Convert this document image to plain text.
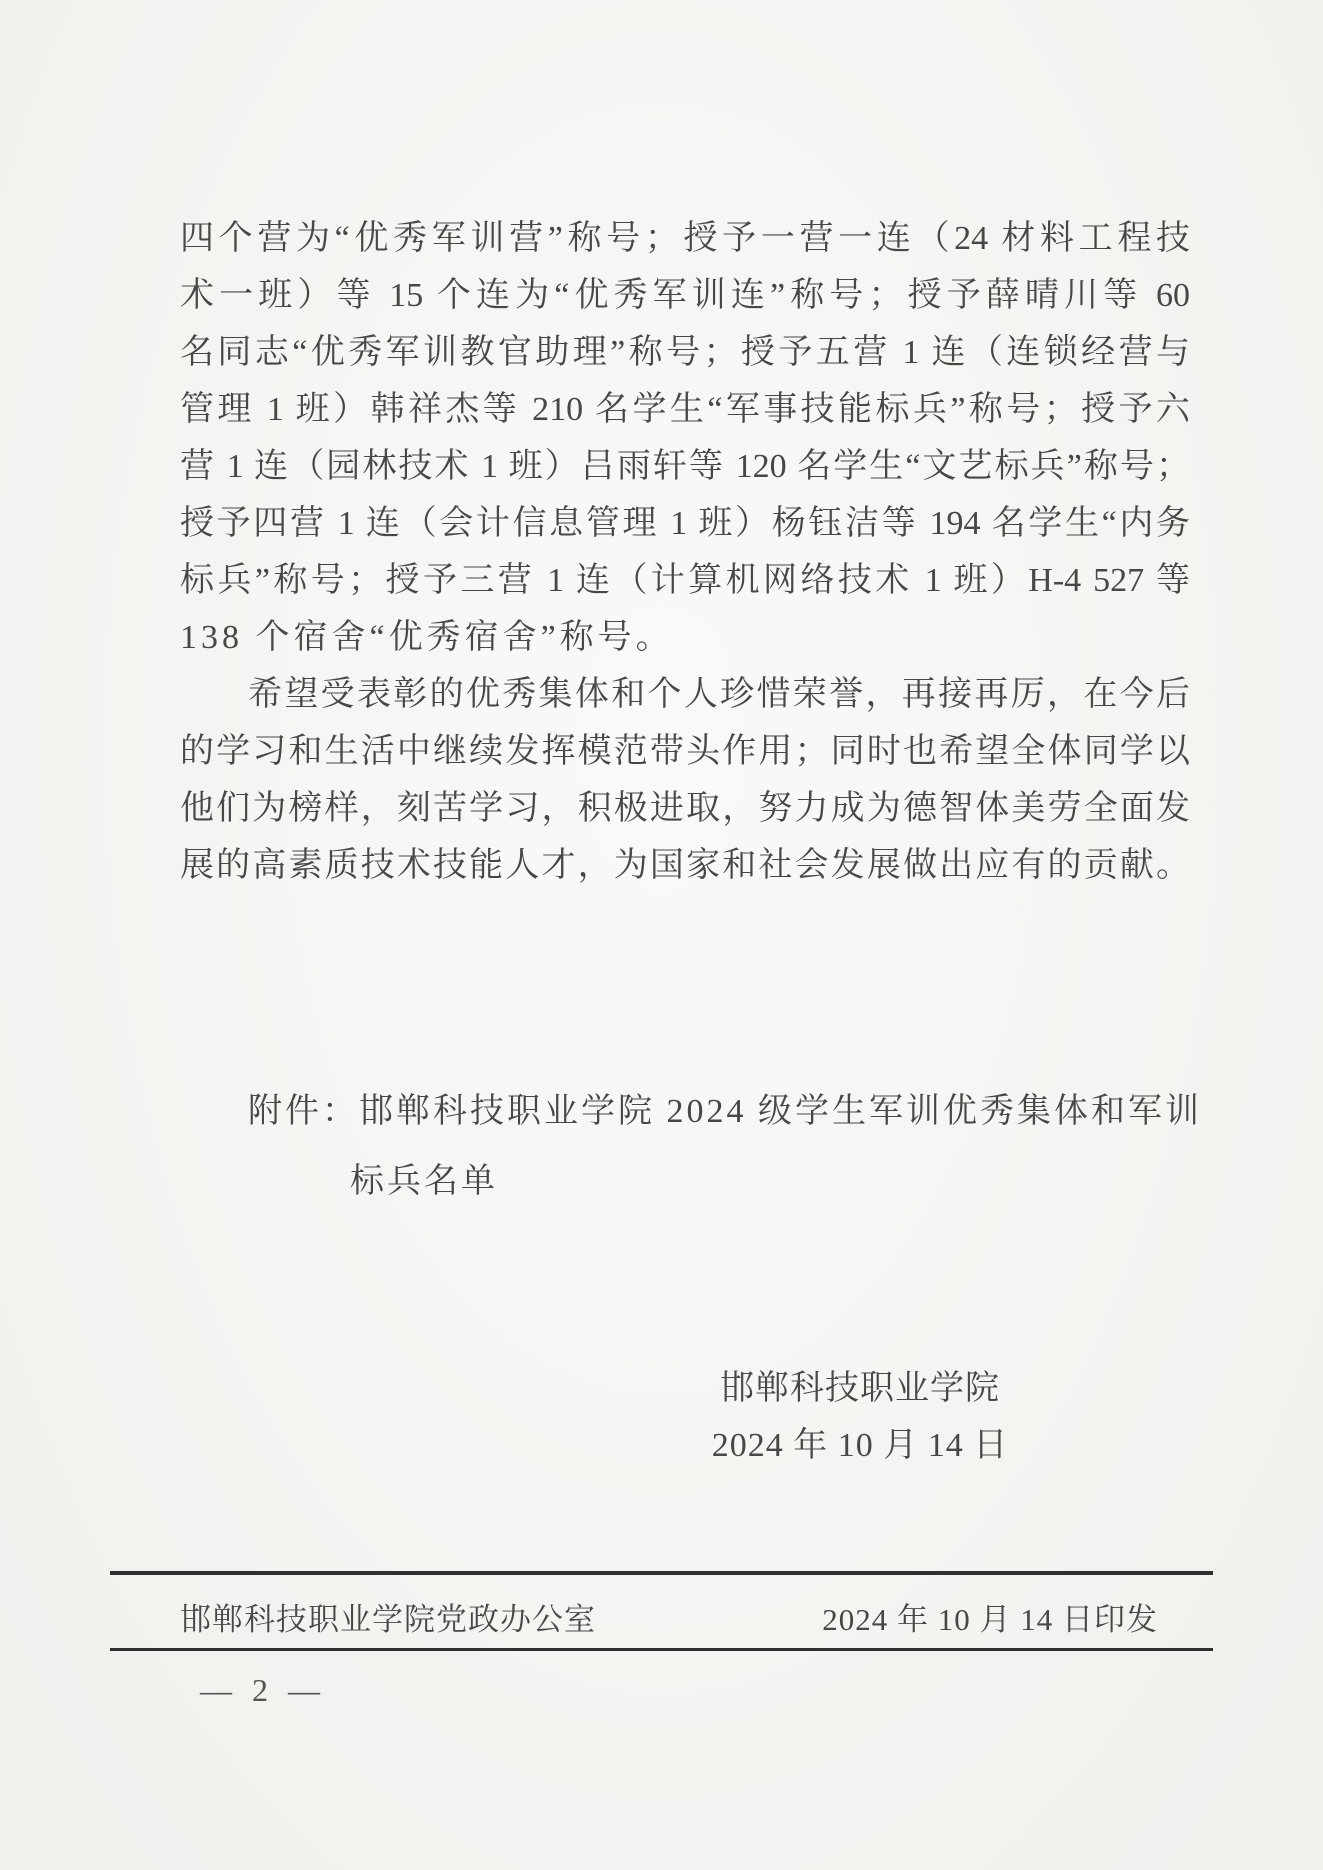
四个营为“优秀军训营”称号；授予一营一连（24 材料工程技
术一班）等 15 个连为“优秀军训连”称号；授予薛晴川等 60
名同志“优秀军训教官助理”称号；授予五营 1 连（连锁经营与
管理 1 班）韩祥杰等 210 名学生“军事技能标兵”称号；授予六
营 1 连（园林技术 1 班）吕雨轩等 120 名学生“文艺标兵”称号；
授予四营 1 连（会计信息管理 1 班）杨钰洁等 194 名学生“内务
标兵”称号；授予三营 1 连（计算机网络技术 1 班）H-4 527 等
138 个宿舍“优秀宿舍”称号。
希望受表彰的优秀集体和个人珍惜荣誉，再接再厉，在今后
的学习和生活中继续发挥模范带头作用；同时也希望全体同学以
他们为榜样，刻苦学习，积极进取，努力成为德智体美劳全面发
展的高素质技术技能人才，为国家和社会发展做出应有的贡献。
附件：邯郸科技职业学院 2024 级学生军训优秀集体和军训
标兵名单
邯郸科技职业学院
2024 年 10 月 14 日
邯郸科技职业学院党政办公室	2024 年 10 月 14 日印发
— 2 —
